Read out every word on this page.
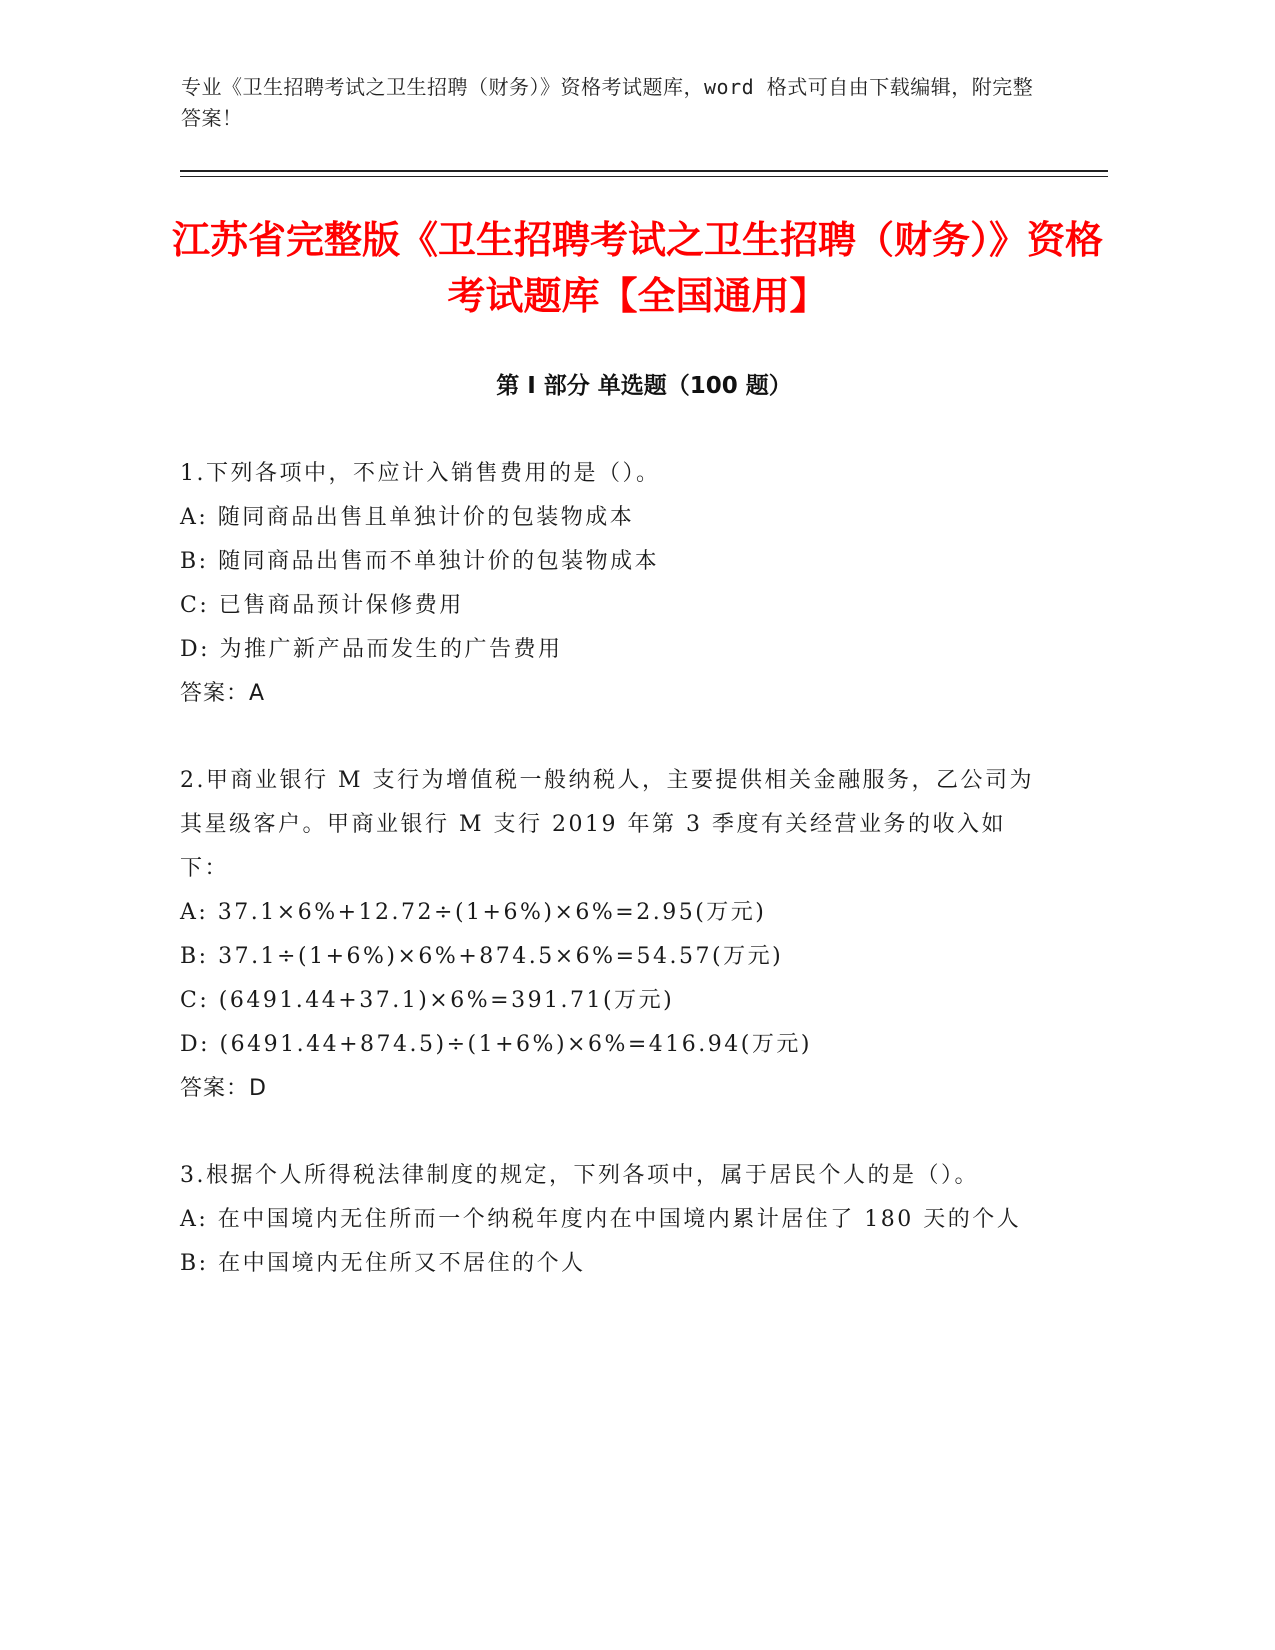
专业《卫生招聘考试之卫生招聘（财务）》资格考试题库，word 格式可自由下载编辑，附完整答案！
江苏省完整版《卫生招聘考试之卫生招聘（财务）》资格考试题库【全国通用】
第 I 部分 单选题（100 题）

1.下列各项中，不应计入销售费用的是（）。

A: 随同商品出售且单独计价的包装物成本

B: 随同商品出售而不单独计价的包装物成本

C: 已售商品预计保修费用

D: 为推广新产品而发生的广告费用

答案：A

2.甲商业银行 M 支行为增值税一般纳税人，主要提供相关金融服务，乙公司为其星级客户。甲商业银行 M 支行 2019 年第 3 季度有关经营业务的收入如下：

A: 37.1×6%+12.72÷(1+6%)×6%=2.95(万元)

B: 37.1÷(1+6%)×6%+874.5×6%=54.57(万元)

C: (6491.44+37.1)×6%=391.71(万元)

D: (6491.44+874.5)÷(1+6%)×6%=416.94(万元)

答案：D

3.根据个人所得税法律制度的规定，下列各项中，属于居民个人的是（）。

A: 在中国境内无住所而一个纳税年度内在中国境内累计居住了 180 天的个人

B: 在中国境内无住所又不居住的个人
